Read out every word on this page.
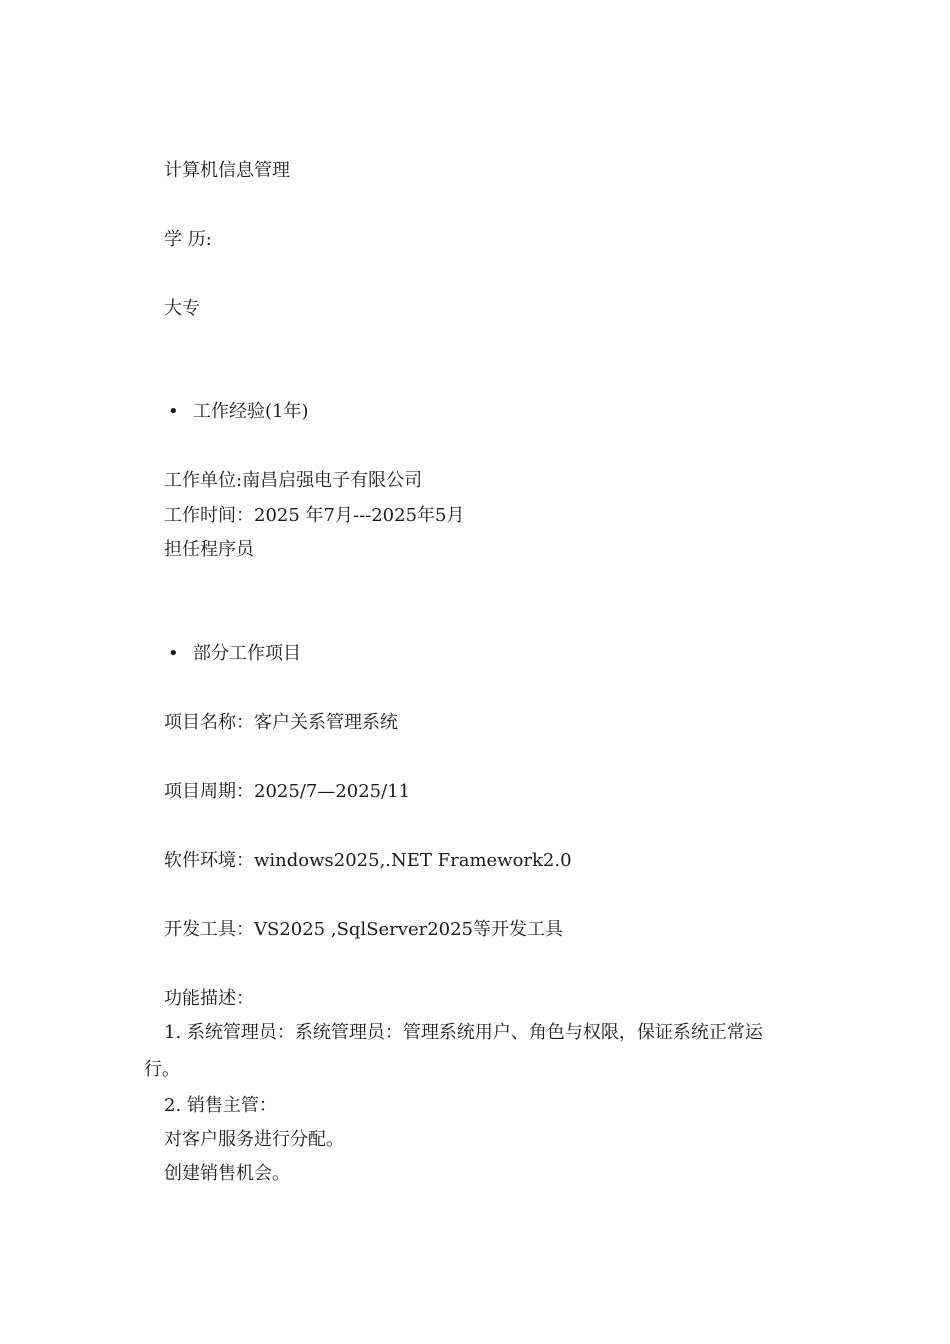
计算机信息管理
学 历:
大专
• 工作经验(1年)
工作单位:南昌启强电子有限公司
工作时间：2025 年7月---2025年5月
担任程序员
• 部分工作项目
项目名称：客户关系管理系统
项目周期：2025/7—2025/11
软件环境：windows2025,.NET Framework2.0
开发工具：VS2025 ,SqlServer2025等开发工具
功能描述：
1. 系统管理员：系统管理员：管理系统用户、角色与权限，保证系统正常运
行。
2. 销售主管：
对客户服务进行分配。
创建销售机会。
